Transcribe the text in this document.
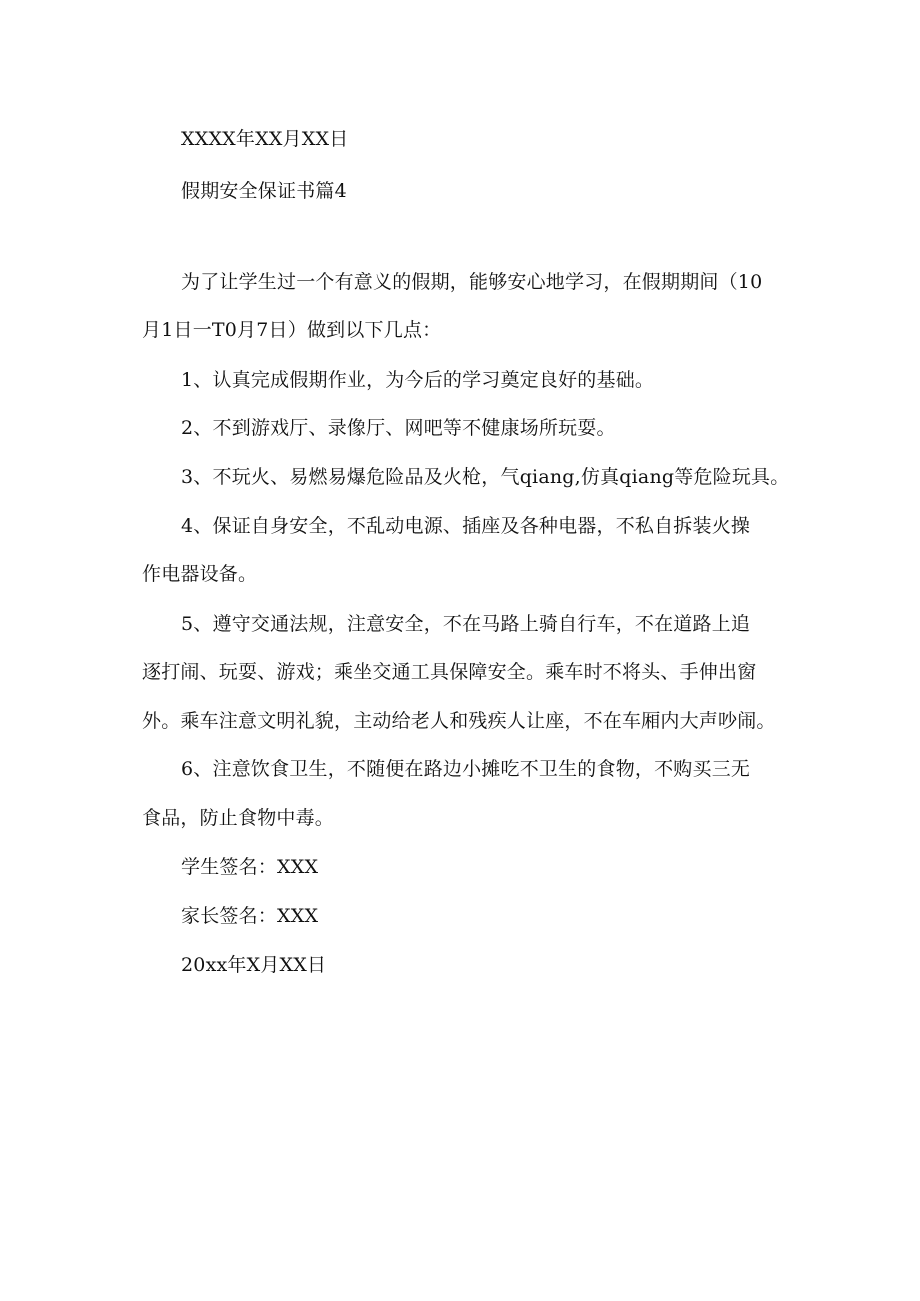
XXXX年XX月XX日
假期安全保证书篇4
为了让学生过一个有意义的假期，能够安心地学习，在假期期间（10
月1日一T0月7日）做到以下几点：
1、认真完成假期作业，为今后的学习奠定良好的基础。
2、不到游戏厅、录像厅、网吧等不健康场所玩耍。
3、不玩火、易燃易爆危险品及火枪，气qiang,仿真qiang等危险玩具。
4、保证自身安全，不乱动电源、插座及各种电器，不私自拆装火操
作电器设备。
5、遵守交通法规，注意安全，不在马路上骑自行车，不在道路上追
逐打闹、玩耍、游戏；乘坐交通工具保障安全。乘车时不将头、手伸出窗
外。乘车注意文明礼貌，主动给老人和残疾人让座，不在车厢内大声吵闹。
6、注意饮食卫生，不随便在路边小摊吃不卫生的食物，不购买三无
食品，防止食物中毒。
学生签名：XXX
家长签名：XXX
20xx年X月XX日
